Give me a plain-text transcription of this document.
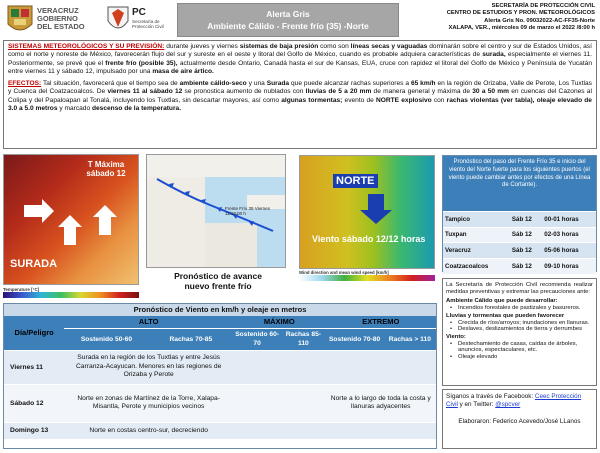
VERACRUZ
GOBIERNO
DEL ESTADO
PC
Secretaría de Protección Civil
Alerta Gris
Ambiente Cálido - Frente frío (35) -Norte
SECRETARÍA DE PROTECCIÓN CIVIL
CENTRO DE ESTUDIOS Y PRON. METEOROLÓGICOS
Alerta Gris No. 09032022-AC-FF35-Norte
XALAPA, VER., miércoles 09 de marzo el 2022 /8:00 h

SISTEMAS METEOROLÓGICOS Y SU PREVISIÓN: durante jueves y viernes sistemas de baja presión como son líneas secas y vaguadas dominarán sobre el centro y sur de Estados Unidos, así como el norte y noreste de México, favorecerán flujo del sur y sureste en el oeste y litoral del Golfo de México, cuando es probable adquiera características de surada, especialmente el viernes 11. Posteriormente, se prevé que el frente frío (posible 35), actualmente desde Ontario, Canadá hasta el sur de Kansas, EUA, cruce con rapidez el litoral del Golfo de México y Península de Yucatán entre viernes 11 y sábado 12, impulsado por una masa de aire ártico.

EFECTOS: Tal situación, favorecerá que el tiempo sea de ambiente cálido-seco y una Surada que puede alcanzar rachas superiores a 65 km/h en la región de Orizaba, Valle de Perote, Los Tuxtlas y Cuenca del Coatzacoalcos. De viernes 11 al sábado 12 se pronostica aumento de nublados con lluvias de 5 a 20 mm de manera general y máxima de 30 a 50 mm en cuencas del Cazones al Colipa y del Papaloapan al Tonalá, incluyendo los Tuxtlas, sin descartar mayores, así como algunas tormentas; evento de NORTE explosivo con rachas violentas (ver tabla), oleaje elevado de 3.0 a 5.0 metros y marcado descenso de la temperatura.

T Máxima sábado 12
SURADA
Temperature [°C]
Frente Frío 35 Viernes 11/18:00 h
Pronóstico de avance nuevo frente frío
NORTE
Viento sábado 12/12 horas
Wind direction and mean wind speed [km/h]
Pronóstico del paso del Frente Frío 35 e inicio del viento del Norte fuerte para los siguientes puertos (el viento puede cambiar antes por efectos de una Línea de Cortante).
Tampico	Sáb 12	00-01 horas
Tuxpan	Sáb 12	02-03 horas
Veracruz	Sáb 12	05-06 horas
Coatzacoalcos	Sáb 12	09-10 horas
Pronóstico de Viento en km/h y oleaje en metros
Día/Peligro	ALTO		MÁXIMO		EXTREMO	
	Sostenido 50-60	Rachas 70-85	Sostenido 60-70	Rachas 85-110	Sostenido 70-80	Rachas > 110
Viernes 11	Surada en la región de los Tuxtlas y entre Jesús Carranza-Acayucan. Menores en las regiones de Orizaba y Perote					
Sábado 12	Norte en zonas de Martínez de la Torre, Xalapa-Misantla, Perote y municipios vecinos				Norte a lo largo de toda la costa y llanuras adyacentes	
Domingo 13	Norte en costas centro-sur, decreciendo					
La Secretaría de Protección Civil recomienda realizar medidas preventivas y extremar las precauciones ante:
Ambiente Cálido que puede desarrollar:
• Incendios forestales de pastizales y basureros.
Lluvias y tormentas que pueden favorecer
• Crecida de ríos/arroyos; inundaciones en llanuras.
• Deslaves, deslizamientos de tierra y derrumbes
Viento:
• Destechamiento de casas, caídas de árboles, anuncios, espectaculares, etc.
• Oleaje elevado
Síganos a través de Facebook: Ceec Protección Civil y en Twitter: @spcver
Elaboraron: Federico Acevedo/José LLanos
